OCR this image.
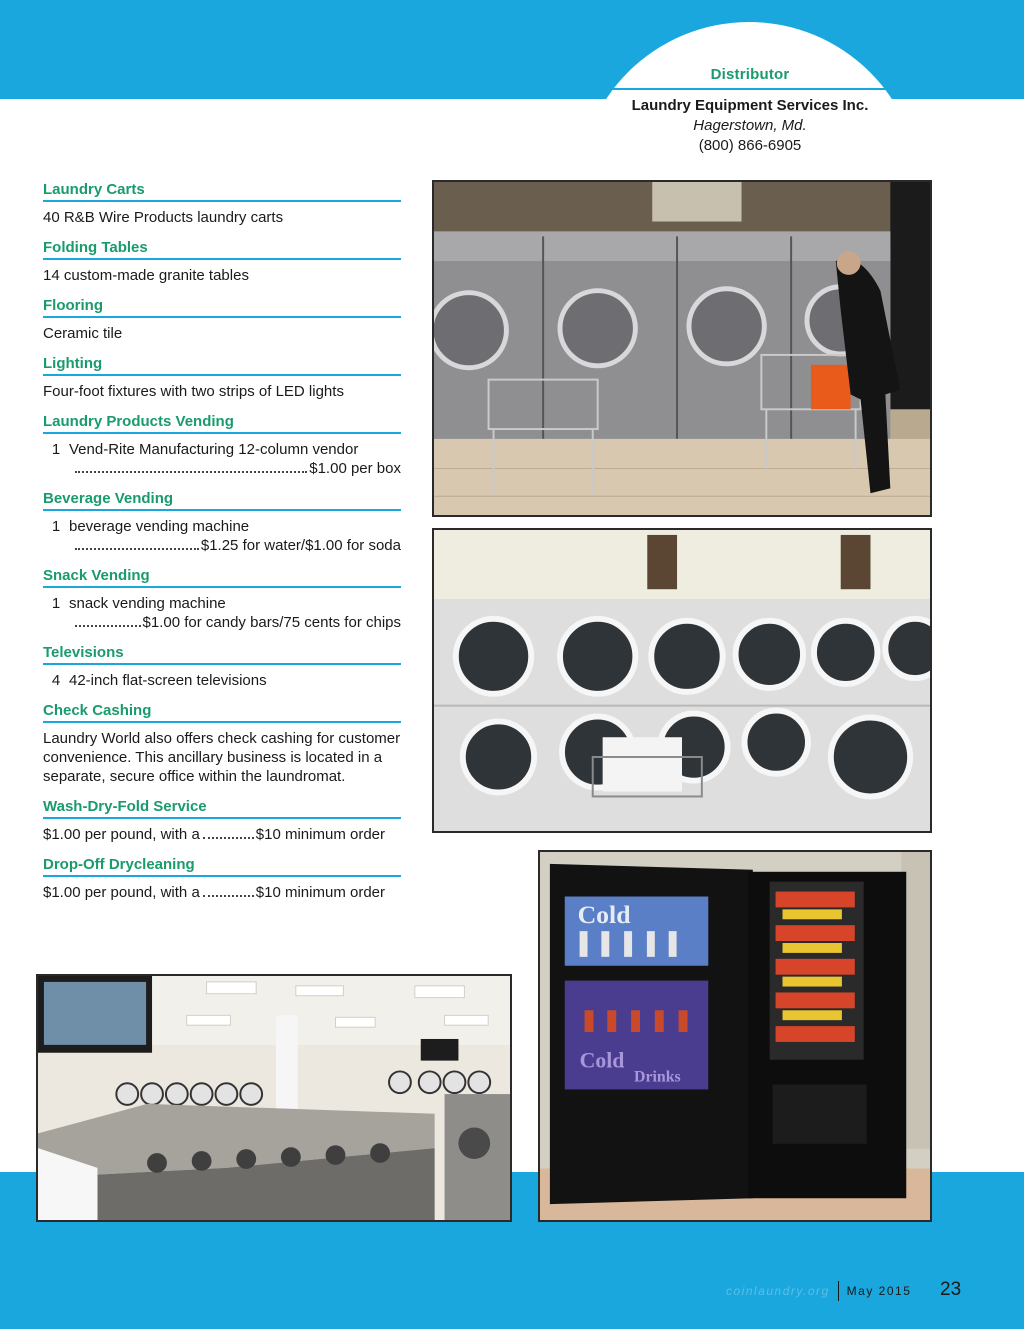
Distributor
Laundry Equipment Services Inc.
Hagerstown, Md.
(800) 866-6905
Laundry Carts
40 R&B Wire Products laundry carts
Folding Tables
14 custom-made granite tables
Flooring
Ceramic tile
Lighting
Four-foot fixtures with two strips of LED lights
Laundry Products Vending
1 Vend-Rite Manufacturing 12-column vendor
$1.00 per box
Beverage Vending
1 beverage vending machine
$1.25 for water/$1.00 for soda
Snack Vending
1 snack vending machine
$1.00 for candy bars/75 cents for chips
Televisions
4 42-inch flat-screen televisions
Check Cashing
Laundry World also offers check cashing for customer convenience. This ancillary business is located in a separate, secure office within the laundromat.
Wash-Dry-Fold Service
$1.00 per pound, with a	$10 minimum order
Drop-Off Drycleaning
$1.00 per pound, with a	$10 minimum order
Cold
Cold
Drinks
coinlaundry.org May 2015 23
